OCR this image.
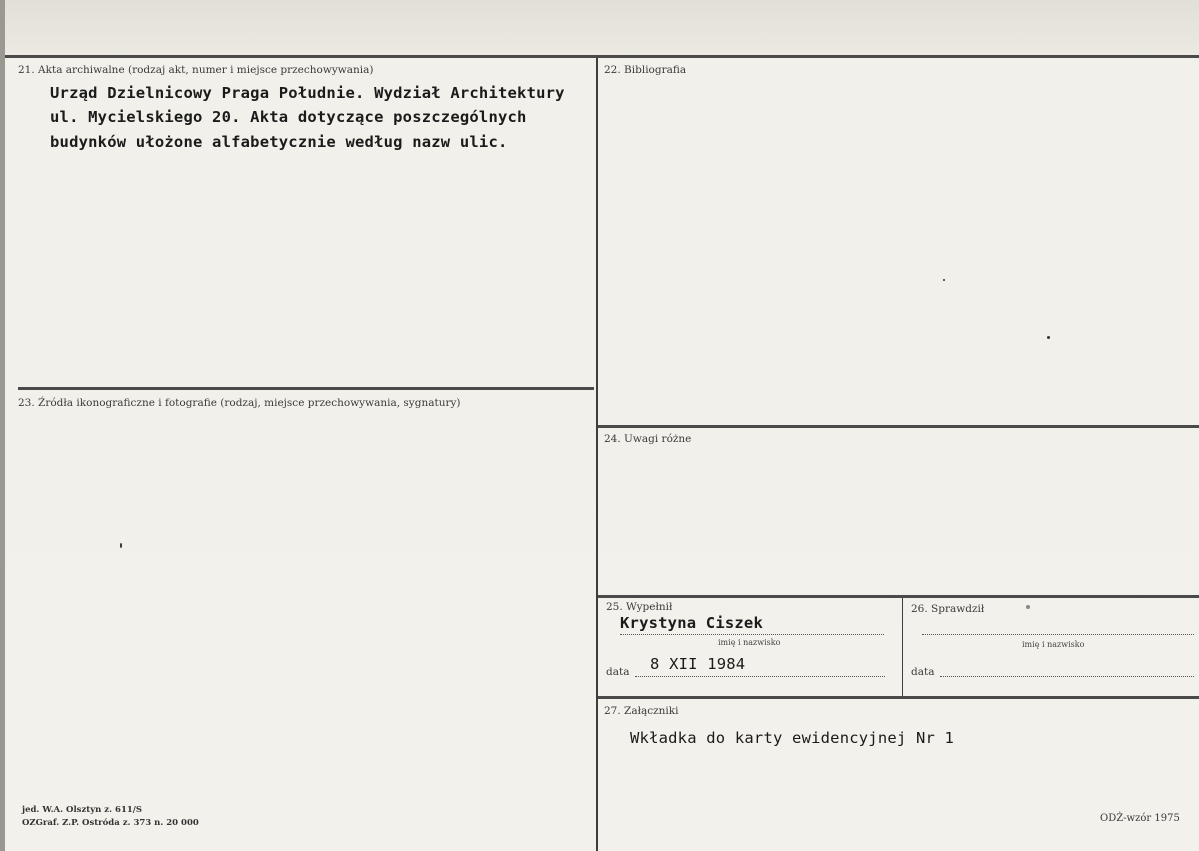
21. Akta archiwalne (rodzaj akt, numer i miejsce przechowywania)
Urząd Dzielnicowy Praga Południe. Wydział Architektury
ul. Mycielskiego 20. Akta dotyczące poszczególnych
budynków ułożone alfabetycznie według nazw ulic.
22. Bibliografia
23. Źródła ikonograficzne i fotografie (rodzaj, miejsce przechowywania, sygnatury)
24. Uwagi różne
25. Wypełnił
Krystyna Ciszek
imię i nazwisko
data 8 XII 1984
26. Sprawdził
imię i nazwisko
data
27. Załączniki
Wkładka do karty ewidencyjnej Nr 1
jed. W.A. Olsztyn z. 611/S
OZGraf. Z.P. Ostróda z. 373 n. 20 000	ODŻ-wzór 1975
